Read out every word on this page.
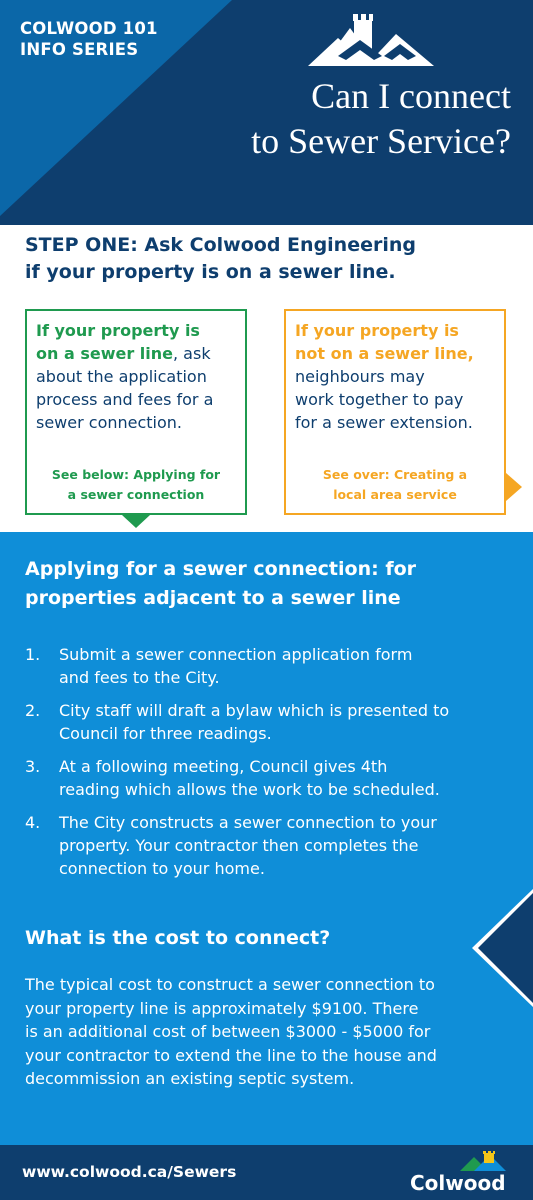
COLWOOD 101
INFO SERIES
Can I connect
to Sewer Service?
STEP ONE: Ask Colwood Engineering
if your property is on a sewer line.
If your property is
on a sewer line, ask
about the application
process and fees for a
sewer connection.
See below: Applying for
a sewer connection
If your property is
not on a sewer line,
neighbours may
work together to pay
for a sewer extension.
See over: Creating a
local area service
Applying for a sewer connection: for
properties adjacent to a sewer line
1. Submit a sewer connection application form
and fees to the City.
2. City staff will draft a bylaw which is presented to
Council for three readings.
3. At a following meeting, Council gives 4th
reading which allows the work to be scheduled.
4. The City constructs a sewer connection to your
property. Your contractor then completes the
connection to your home.
What is the cost to connect?
The typical cost to construct a sewer connection to
your property line is approximately $9100. There
is an additional cost of between $3000 - $5000 for
your contractor to extend the line to the house and
decommission an existing septic system.
www.colwood.ca/Sewers	Colwood
